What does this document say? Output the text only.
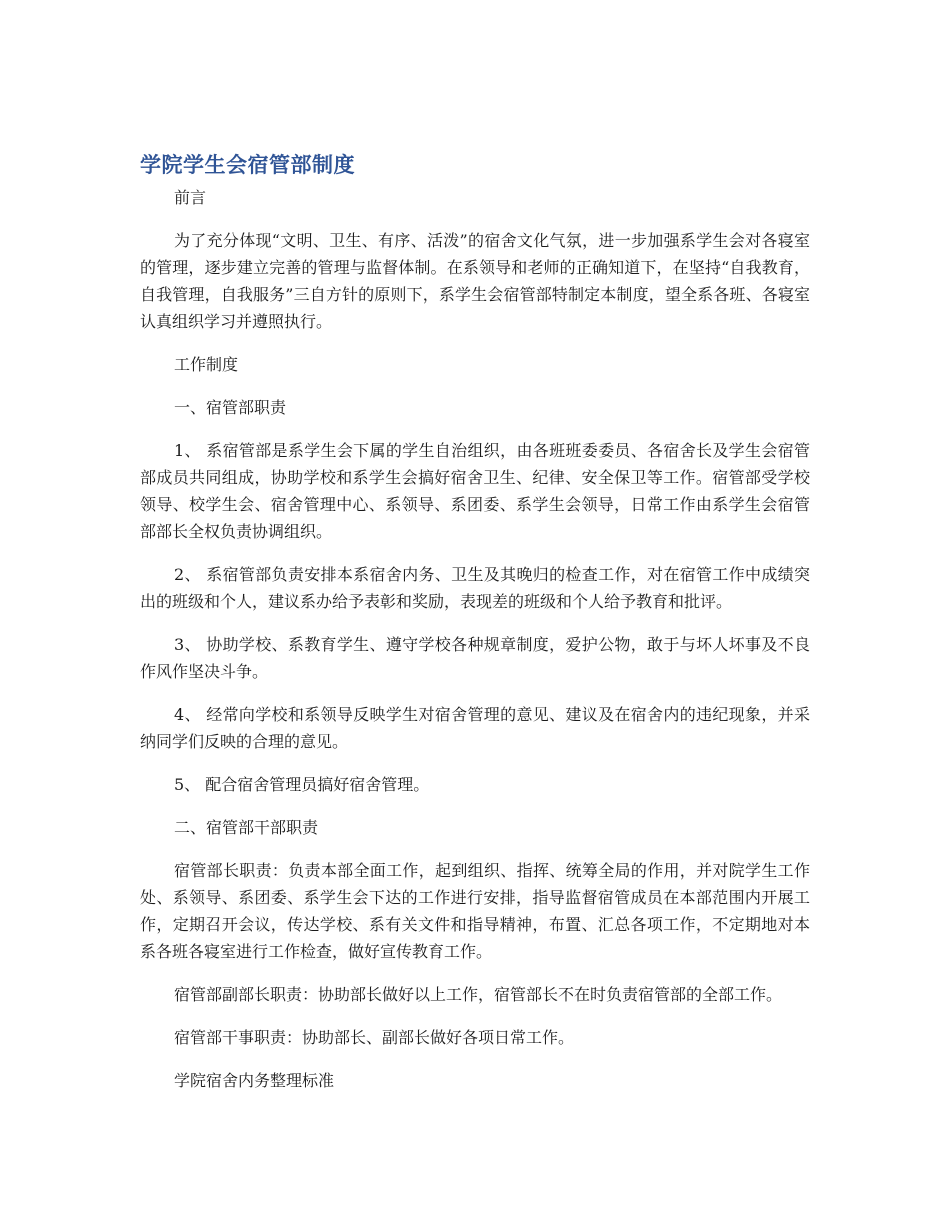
学院学生会宿管部制度

前言

为了充分体现“文明、卫生、有序、活泼”的宿舍文化气氛，进一步加强系学生会对各寝室的管理，逐步建立完善的管理与监督体制。在系领导和老师的正确知道下，在坚持“自我教育，自我管理，自我服务”三自方针的原则下，系学生会宿管部特制定本制度，望全系各班、各寝室认真组织学习并遵照执行。

工作制度

一、宿管部职责

1、 系宿管部是系学生会下属的学生自治组织，由各班班委委员、各宿舍长及学生会宿管部成员共同组成，协助学校和系学生会搞好宿舍卫生、纪律、安全保卫等工作。宿管部受学校领导、校学生会、宿舍管理中心、系领导、系团委、系学生会领导，日常工作由系学生会宿管部部长全权负责协调组织。

2、 系宿管部负责安排本系宿舍内务、卫生及其晚归的检查工作，对在宿管工作中成绩突出的班级和个人，建议系办给予表彰和奖励，表现差的班级和个人给予教育和批评。

3、 协助学校、系教育学生、遵守学校各种规章制度，爱护公物，敢于与坏人坏事及不良作风作坚决斗争。

4、 经常向学校和系领导反映学生对宿舍管理的意见、建议及在宿舍内的违纪现象，并采纳同学们反映的合理的意见。

5、 配合宿舍管理员搞好宿舍管理。

二、宿管部干部职责

宿管部长职责：负责本部全面工作，起到组织、指挥、统筹全局的作用，并对院学生工作处、系领导、系团委、系学生会下达的工作进行安排，指导监督宿管成员在本部范围内开展工作，定期召开会议，传达学校、系有关文件和指导精神，布置、汇总各项工作，不定期地对本系各班各寝室进行工作检查，做好宣传教育工作。

宿管部副部长职责：协助部长做好以上工作，宿管部长不在时负责宿管部的全部工作。

宿管部干事职责：协助部长、副部长做好各项日常工作。

学院宿舍内务整理标准
